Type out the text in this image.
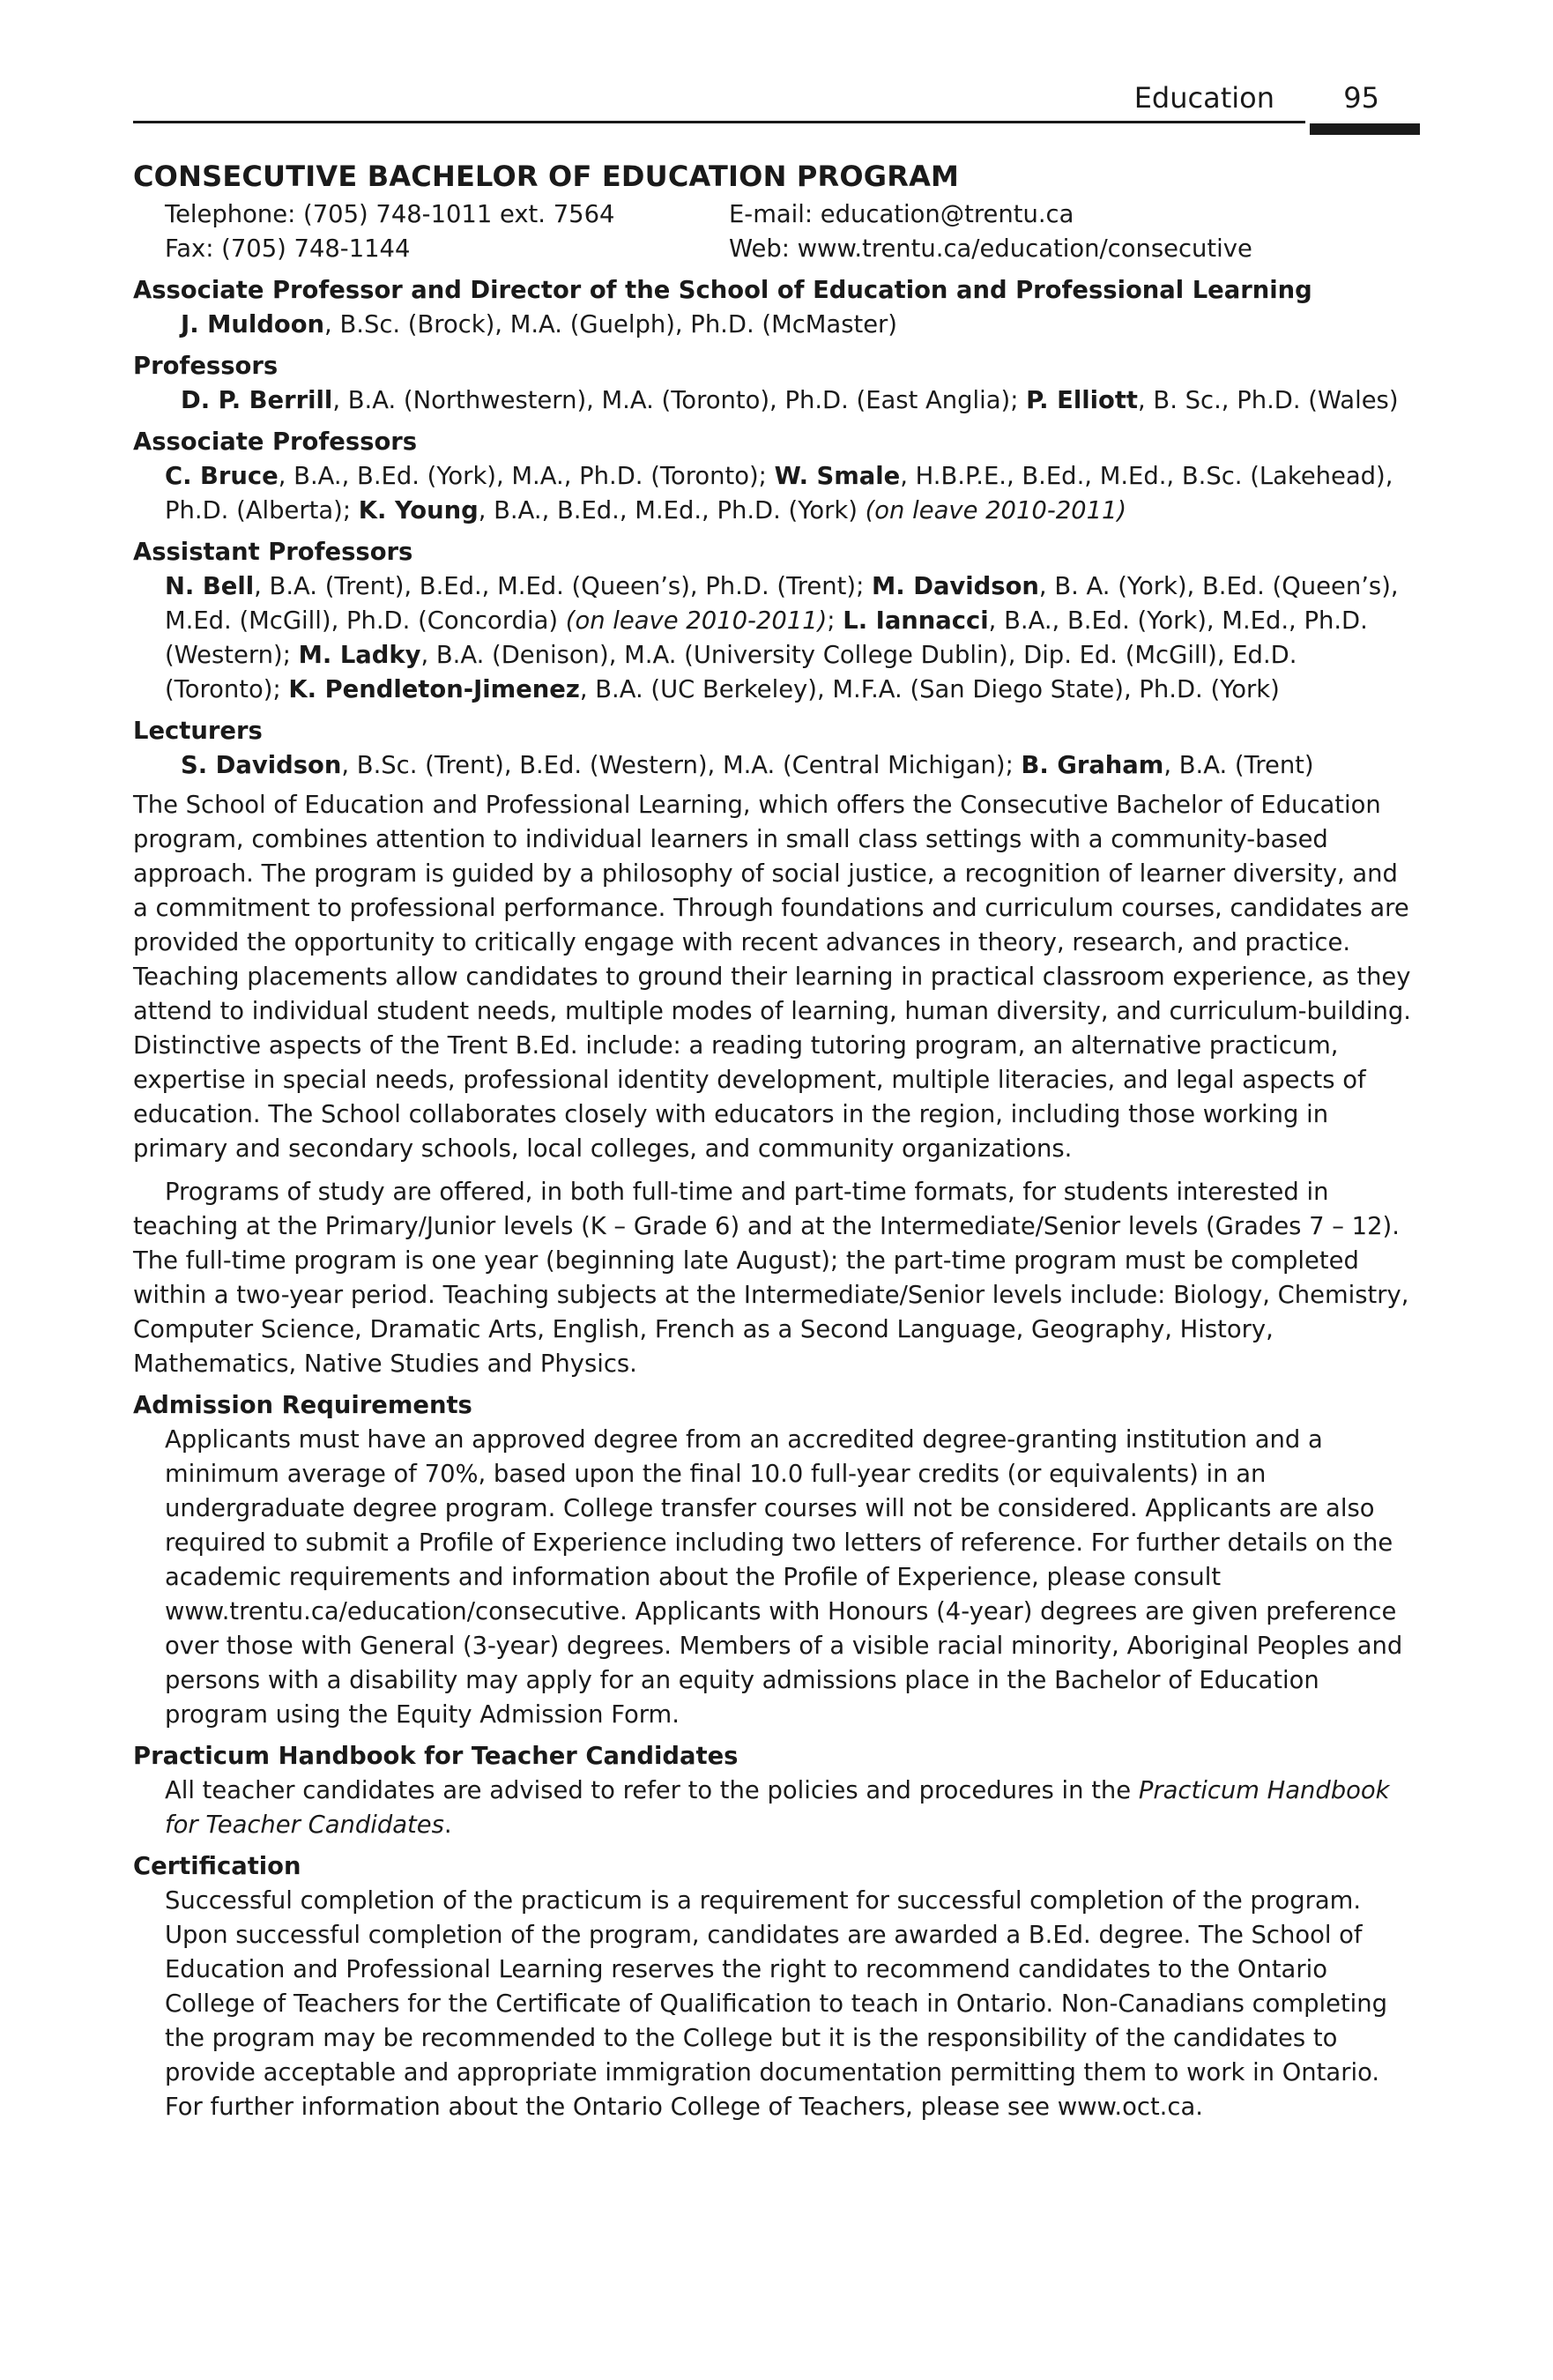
Education 95
CONSECUTIVE BACHELOR OF EDUCATION PROGRAM
Telephone: (705) 748-1011 ext. 7564	E-mail: education@trentu.ca
Fax: (705) 748-1144	Web: www.trentu.ca/education/consecutive
Associate Professor and Director of the School of Education and Professional Learning
J. Muldoon, B.Sc. (Brock), M.A. (Guelph), Ph.D. (McMaster)
Professors
D. P. Berrill, B.A. (Northwestern), M.A. (Toronto), Ph.D. (East Anglia); P. Elliott, B. Sc., Ph.D. (Wales)
Associate Professors
C. Bruce, B.A., B.Ed. (York), M.A., Ph.D. (Toronto); W. Smale, H.B.P.E., B.Ed., M.Ed., B.Sc. (Lakehead), Ph.D. (Alberta); K. Young, B.A., B.Ed., M.Ed., Ph.D. (York) (on leave 2010-2011)
Assistant Professors
N. Bell, B.A. (Trent), B.Ed., M.Ed. (Queen’s), Ph.D. (Trent); M. Davidson, B. A. (York), B.Ed. (Queen’s), M.Ed. (McGill), Ph.D. (Concordia) (on leave 2010-2011); L. Iannacci, B.A., B.Ed. (York), M.Ed., Ph.D. (Western); M. Ladky, B.A. (Denison), M.A. (University College Dublin), Dip. Ed. (McGill), Ed.D. (Toronto); K. Pendleton-Jimenez, B.A. (UC Berkeley), M.F.A. (San Diego State), Ph.D. (York)
Lecturers
S. Davidson, B.Sc. (Trent), B.Ed. (Western), M.A. (Central Michigan); B. Graham, B.A. (Trent)

The School of Education and Professional Learning, which offers the Consecutive Bachelor of Education program, combines attention to individual learners in small class settings with a community-based approach. The program is guided by a philosophy of social justice, a recognition of learner diversity, and a commitment to professional performance. Through foundations and curriculum courses, candidates are provided the opportunity to critically engage with recent advances in theory, research, and practice. Teaching placements allow candidates to ground their learning in practical classroom experience, as they attend to individual student needs, multiple modes of learning, human diversity, and curriculum-building. Distinctive aspects of the Trent B.Ed. include: a reading tutoring program, an alternative practicum, expertise in special needs, professional identity development, multiple literacies, and legal aspects of education. The School collaborates closely with educators in the region, including those working in primary and secondary schools, local colleges, and community organizations.

Programs of study are offered, in both full-time and part-time formats, for students interested in teaching at the Primary/Junior levels (K – Grade 6) and at the Intermediate/Senior levels (Grades 7 – 12). The full-time program is one year (beginning late August); the part-time program must be completed within a two-year period. Teaching subjects at the Intermediate/Senior levels include: Biology, Chemistry, Computer Science, Dramatic Arts, English, French as a Second Language, Geography, History, Mathematics, Native Studies and Physics.

Admission Requirements

Applicants must have an approved degree from an accredited degree-granting institution and a minimum average of 70%, based upon the final 10.0 full-year credits (or equivalents) in an undergraduate degree program. College transfer courses will not be considered. Applicants are also required to submit a Profile of Experience including two letters of reference. For further details on the academic requirements and information about the Profile of Experience, please consult www.trentu.ca/education/consecutive. Applicants with Honours (4-year) degrees are given preference over those with General (3-year) degrees. Members of a visible racial minority, Aboriginal Peoples and persons with a disability may apply for an equity admissions place in the Bachelor of Education program using the Equity Admission Form.

Practicum Handbook for Teacher Candidates

All teacher candidates are advised to refer to the policies and procedures in the Practicum Handbook for Teacher Candidates.

Certification

Successful completion of the practicum is a requirement for successful completion of the program. Upon successful completion of the program, candidates are awarded a B.Ed. degree. The School of Education and Professional Learning reserves the right to recommend candidates to the Ontario College of Teachers for the Certificate of Qualification to teach in Ontario. Non-Canadians completing the program may be recommended to the College but it is the responsibility of the candidates to provide acceptable and appropriate immigration documentation permitting them to work in Ontario. For further information about the Ontario College of Teachers, please see www.oct.ca.
